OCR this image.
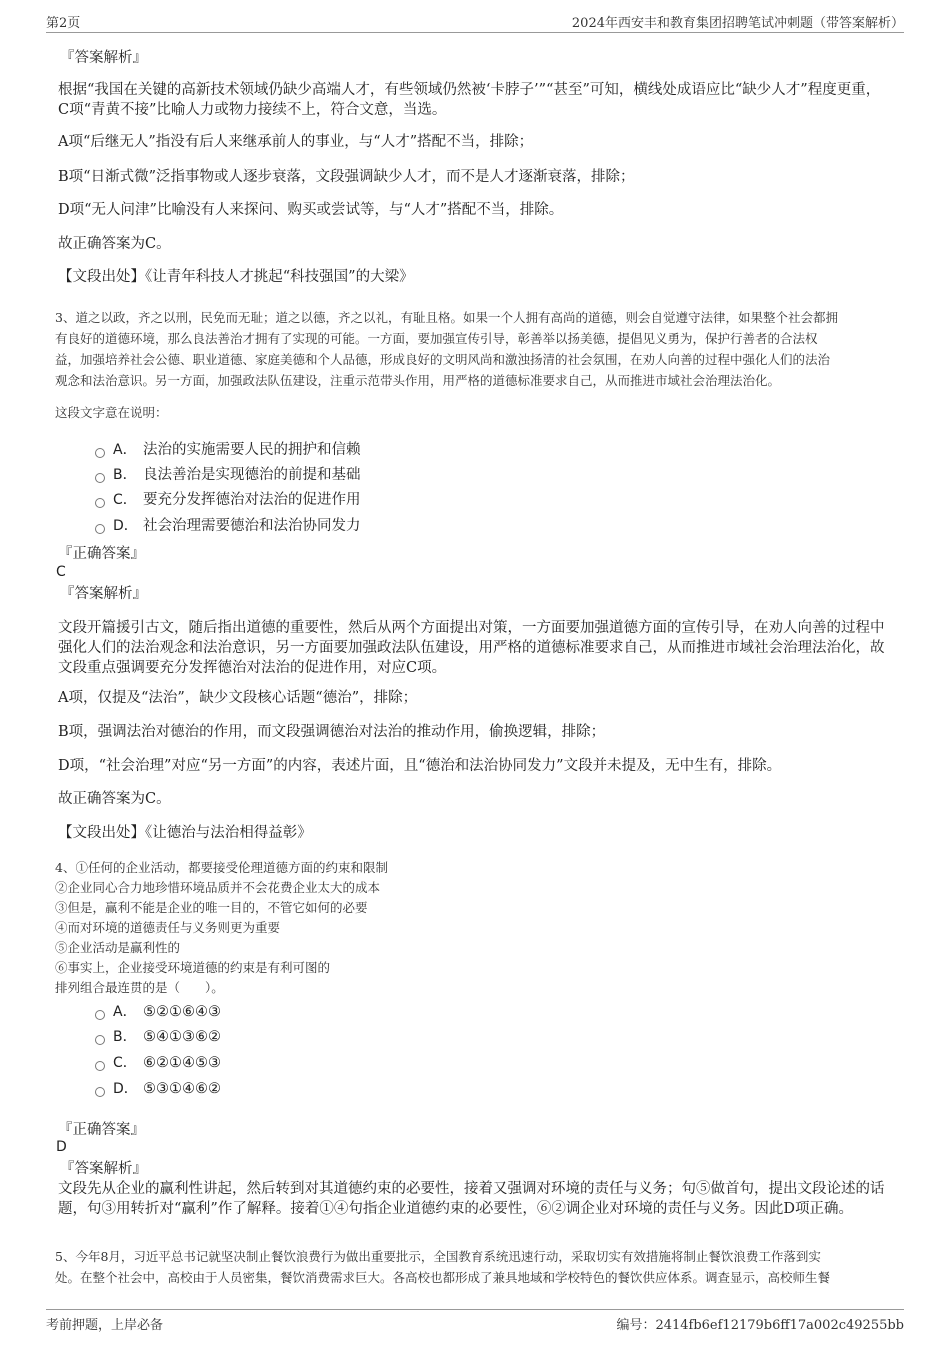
第2页	2024年西安丰和教育集团招聘笔试冲刺题（带答案解析）
『答案解析』
根据“我国在关键的高新技术领域仍缺少高端人才，有些领域仍然被‘卡脖子’”“甚至”可知，横线处成语应比“缺少人才”程度更重，C项“青黄不接”比喻人力或物力接续不上，符合文意，当选。
A项“后继无人”指没有后人来继承前人的事业，与“人才”搭配不当，排除；
B项“日渐式微”泛指事物或人逐步衰落，文段强调缺少人才，而不是人才逐渐衰落，排除；
D项“无人问津”比喻没有人来探问、购买或尝试等，与“人才”搭配不当，排除。
故正确答案为C。
【文段出处】《让青年科技人才挑起“科技强国”的大梁》
3、道之以政，齐之以刑，民免而无耻；道之以德，齐之以礼，有耻且格。如果一个人拥有高尚的道德，则会自觉遵守法律，如果整个社会都拥
有良好的道德环境，那么良法善治才拥有了实现的可能。一方面，要加强宣传引导，彰善举以扬美德，提倡见义勇为，保护行善者的合法权
益，加强培养社会公德、职业道德、家庭美德和个人品德，形成良好的文明风尚和激浊扬清的社会氛围，在劝人向善的过程中强化人们的法治
观念和法治意识。另一方面，加强政法队伍建设，注重示范带头作用，用严格的道德标准要求自己，从而推进市域社会治理法治化。
这段文字意在说明：
A． 法治的实施需要人民的拥护和信赖
B． 良法善治是实现德治的前提和基础
C． 要充分发挥德治对法治的促进作用
D． 社会治理需要德治和法治协同发力
『正确答案』
C
『答案解析』
文段开篇援引古文，随后指出道德的重要性，然后从两个方面提出对策，一方面要加强道德方面的宣传引导，在劝人向善的过程中强化人们的法治观念和法治意识，另一方面要加强政法队伍建设，用严格的道德标准要求自己，从而推进市域社会治理法治化，故文段重点强调要充分发挥德治对法治的促进作用，对应C项。
A项，仅提及“法治”，缺少文段核心话题“德治”，排除；
B项，强调法治对德治的作用，而文段强调德治对法治的推动作用，偷换逻辑，排除；
D项，“社会治理”对应“另一方面”的内容，表述片面，且“德治和法治协同发力”文段并未提及，无中生有，排除。
故正确答案为C。
【文段出处】《让德治与法治相得益彰》
4、①任何的企业活动，都要接受伦理道德方面的约束和限制
②企业同心合力地珍惜环境品质并不会花费企业太大的成本
③但是，赢利不能是企业的唯一目的，不管它如何的必要
④而对环境的道德责任与义务则更为重要
⑤企业活动是赢利性的
⑥事实上，企业接受环境道德的约束是有利可图的
排列组合最连贯的是（　　）。
A． ⑤②①⑥④③
B． ⑤④①③⑥②
C． ⑥②①④⑤③
D． ⑤③①④⑥②
『正确答案』
D
『答案解析』
文段先从企业的赢利性讲起，然后转到对其道德约束的必要性，接着又强调对环境的责任与义务；句⑤做首句，提出文段论述的话题，句③用转折对“赢利”作了解释。接着①④句指企业道德约束的必要性，⑥②调企业对环境的责任与义务。因此D项正确。
5、今年8月，习近平总书记就坚决制止餐饮浪费行为做出重要批示，全国教育系统迅速行动，采取切实有效措施将制止餐饮浪费工作落到实
处。在整个社会中，高校由于人员密集，餐饮消费需求巨大。各高校也都形成了兼具地域和学校特色的餐饮供应体系。调查显示，高校师生餐
考前押题，上岸必备	编号：2414fb6ef12179b6ff17a002c49255bb
